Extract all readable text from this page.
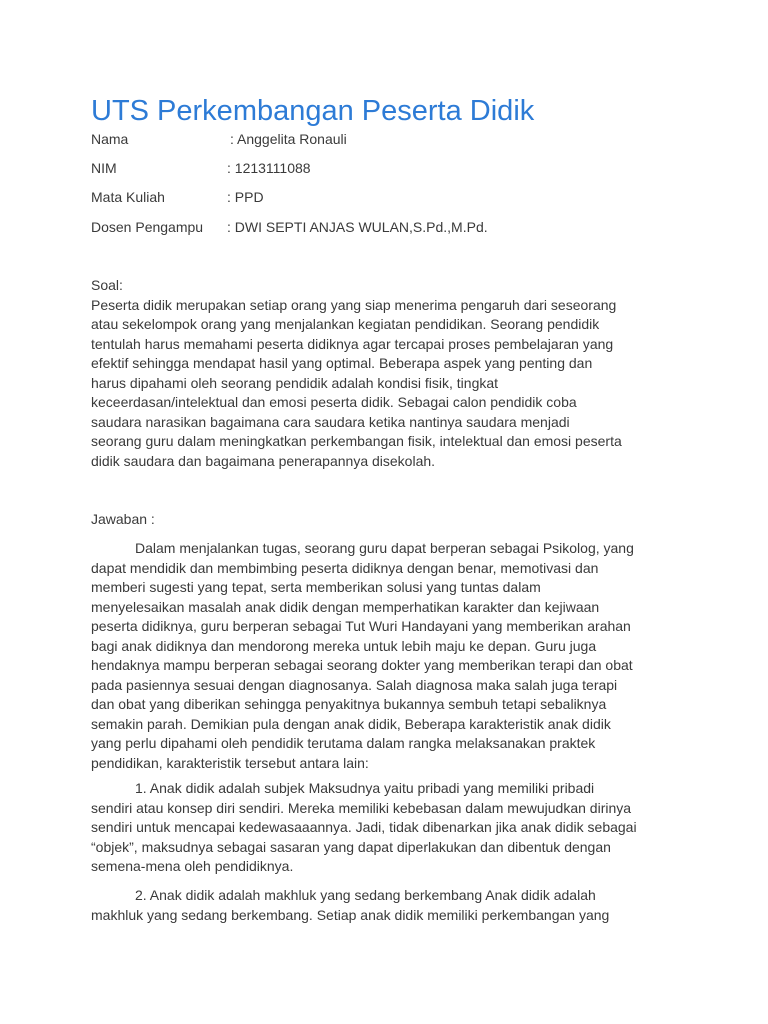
UTS Perkembangan Peserta Didik
Nama	: Anggelita Ronauli
NIM	: 1213111088
Mata Kuliah	: PPD
Dosen Pengampu : DWI SEPTI ANJAS WULAN,S.Pd.,M.Pd.
Soal:
Peserta didik merupakan setiap orang yang siap menerima pengaruh dari seseorang
atau sekelompok orang yang menjalankan kegiatan pendidikan. Seorang pendidik
tentulah harus memahami peserta didiknya agar tercapai proses pembelajaran yang
efektif sehingga mendapat hasil yang optimal. Beberapa aspek yang penting dan
harus dipahami oleh seorang pendidik adalah kondisi fisik, tingkat
keceerdasan/intelektual dan emosi peserta didik. Sebagai calon pendidik coba
saudara narasikan bagaimana cara saudara ketika nantinya saudara menjadi
seorang guru dalam meningkatkan perkembangan fisik, intelektual dan emosi peserta
didik saudara dan bagaimana penerapannya disekolah.
Jawaban :
Dalam menjalankan tugas, seorang guru dapat berperan sebagai Psikolog, yang
dapat mendidik dan membimbing peserta didiknya dengan benar, memotivasi dan
memberi sugesti yang tepat, serta memberikan solusi yang tuntas dalam
menyelesaikan masalah anak didik dengan memperhatikan karakter dan kejiwaan
peserta didiknya, guru berperan sebagai Tut Wuri Handayani yang memberikan arahan
bagi anak didiknya dan mendorong mereka untuk lebih maju ke depan. Guru juga
hendaknya mampu berperan sebagai seorang dokter yang memberikan terapi dan obat
pada pasiennya sesuai dengan diagnosanya. Salah diagnosa maka salah juga terapi
dan obat yang diberikan sehingga penyakitnya bukannya sembuh tetapi sebaliknya
semakin parah. Demikian pula dengan anak didik, Beberapa karakteristik anak didik
yang perlu dipahami oleh pendidik terutama dalam rangka melaksanakan praktek
pendidikan, karakteristik tersebut antara lain:
1. Anak didik adalah subjek Maksudnya yaitu pribadi yang memiliki pribadi
sendiri atau konsep diri sendiri. Mereka memiliki kebebasan dalam mewujudkan dirinya
sendiri untuk mencapai kedewasaaannya. Jadi, tidak dibenarkan jika anak didik sebagai
“objek”, maksudnya sebagai sasaran yang dapat diperlakukan dan dibentuk dengan
semena-mena oleh pendidiknya.
2. Anak didik adalah makhluk yang sedang berkembang Anak didik adalah
makhluk yang sedang berkembang. Setiap anak didik memiliki perkembangan yang
